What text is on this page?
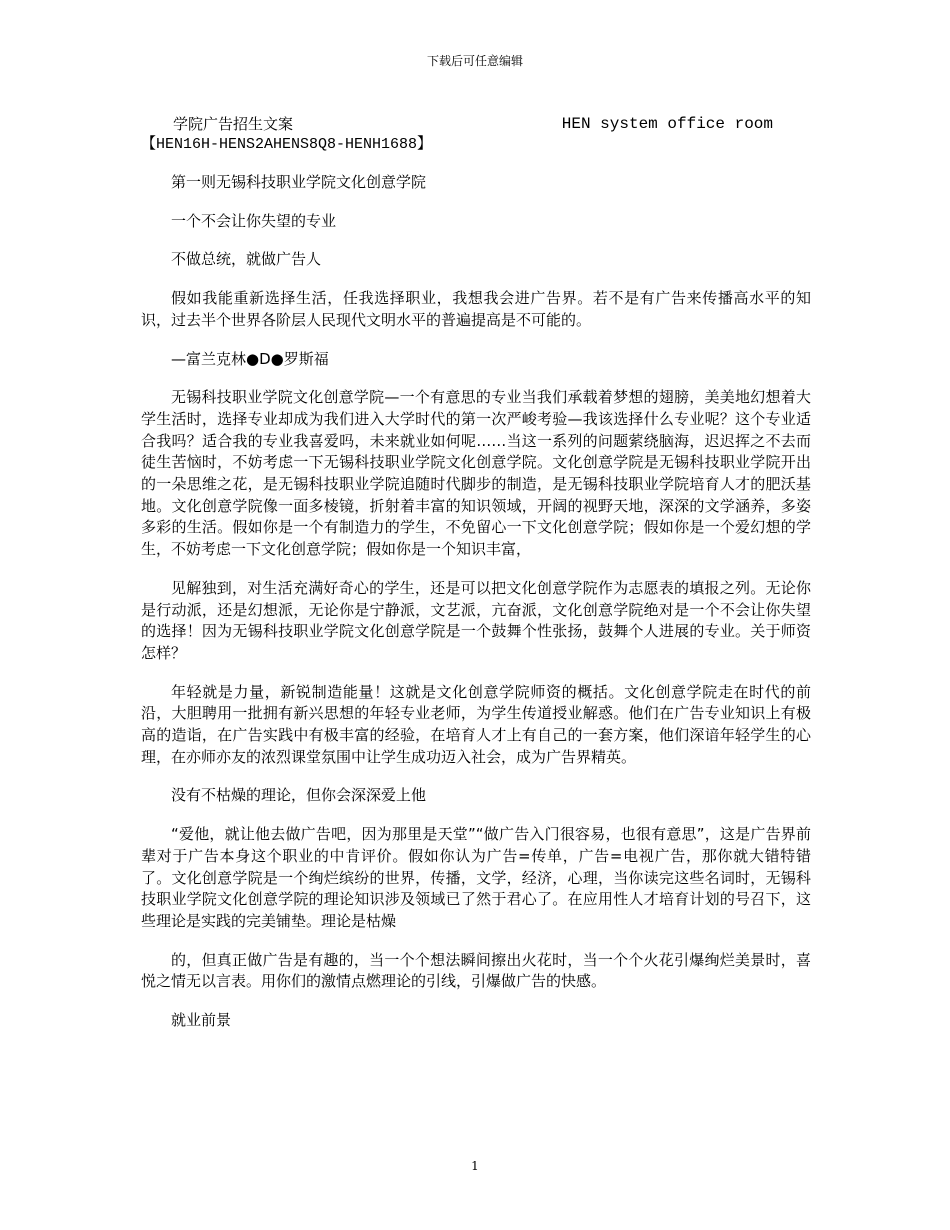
下载后可任意编辑
学院广告招生文案	HEN system office room
【HEN16H-HENS2AHENS8Q8-HENH1688】

第一则无锡科技职业学院文化创意学院

一个不会让你失望的专业

不做总统，就做广告人

假如我能重新选择生活，任我选择职业，我想我会进广告界。若不是有广告来传播高水平的知识，过去半个世界各阶层人民现代文明水平的普遍提高是不可能的。

—富兰克林●D●罗斯福

无锡科技职业学院文化创意学院—一个有意思的专业当我们承载着梦想的翅膀，美美地幻想着大学生活时，选择专业却成为我们进入大学时代的第一次严峻考验—我该选择什么专业呢？这个专业适合我吗？适合我的专业我喜爱吗，未来就业如何呢……当这一系列的问题萦绕脑海，迟迟挥之不去而徒生苦恼时，不妨考虑一下无锡科技职业学院文化创意学院。文化创意学院是无锡科技职业学院开出的一朵思维之花，是无锡科技职业学院追随时代脚步的制造，是无锡科技职业学院培育人才的肥沃基地。文化创意学院像一面多棱镜，折射着丰富的知识领域，开阔的视野天地，深深的文学涵养，多姿多彩的生活。假如你是一个有制造力的学生，不免留心一下文化创意学院；假如你是一个爱幻想的学生，不妨考虑一下文化创意学院；假如你是一个知识丰富，

见解独到，对生活充满好奇心的学生，还是可以把文化创意学院作为志愿表的填报之列。无论你是行动派，还是幻想派，无论你是宁静派，文艺派，亢奋派，文化创意学院绝对是一个不会让你失望的选择！因为无锡科技职业学院文化创意学院是一个鼓舞个性张扬，鼓舞个人进展的专业。关于师资怎样？

年轻就是力量，新锐制造能量！这就是文化创意学院师资的概括。文化创意学院走在时代的前沿，大胆聘用一批拥有新兴思想的年轻专业老师，为学生传道授业解惑。他们在广告专业知识上有极高的造诣，在广告实践中有极丰富的经验，在培育人才上有自己的一套方案，他们深谙年轻学生的心理，在亦师亦友的浓烈课堂氛围中让学生成功迈入社会，成为广告界精英。

没有不枯燥的理论，但你会深深爱上他

“爱他，就让他去做广告吧，因为那里是天堂”“做广告入门很容易，也很有意思”，这是广告界前辈对于广告本身这个职业的中肯评价。假如你认为广告=传单，广告=电视广告，那你就大错特错了。文化创意学院是一个绚烂缤纷的世界，传播，文学，经济，心理，当你读完这些名词时，无锡科技职业学院文化创意学院的理论知识涉及领域已了然于君心了。在应用性人才培育计划的号召下，这些理论是实践的完美铺垫。理论是枯燥

的，但真正做广告是有趣的，当一个个想法瞬间擦出火花时，当一个个火花引爆绚烂美景时，喜悦之情无以言表。用你们的激情点燃理论的引线，引爆做广告的快感。

就业前景

1
